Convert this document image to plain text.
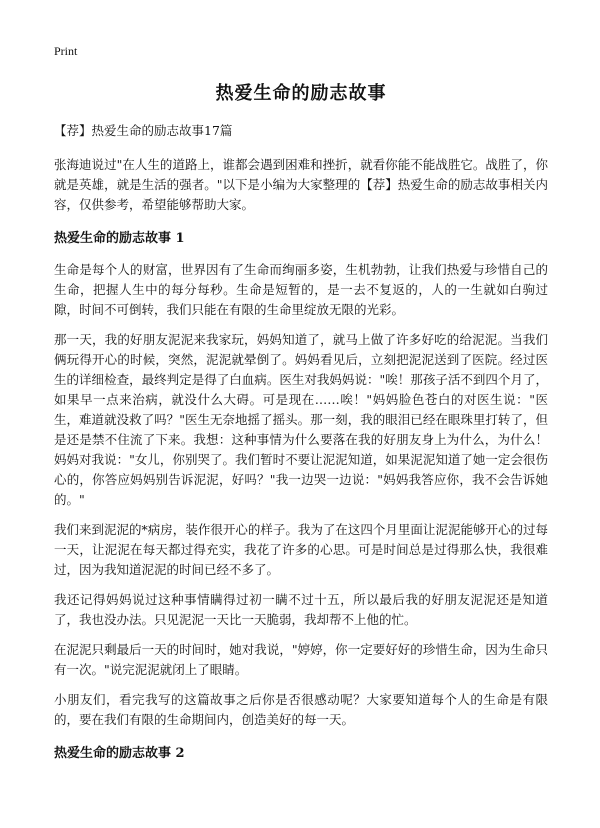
Print
热爱生命的励志故事
【荐】热爱生命的励志故事17篇

张海迪说过"在人生的道路上，谁都会遇到困难和挫折，就看你能不能战胜它。战胜了，你就是英雄，就是生活的强者。"以下是小编为大家整理的【荐】热爱生命的励志故事相关内容，仅供参考，希望能够帮助大家。

热爱生命的励志故事 1

生命是每个人的财富，世界因有了生命而绚丽多姿，生机勃勃，让我们热爱与珍惜自己的生命，把握人生中的每分每秒。生命是短暂的，是一去不复返的，人的一生就如白驹过隙，时间不可倒转，我们只能在有限的生命里绽放无限的光彩。

那一天，我的好朋友泥泥来我家玩，妈妈知道了，就马上做了许多好吃的给泥泥。当我们俩玩得开心的时候，突然，泥泥就晕倒了。妈妈看见后，立刻把泥泥送到了医院。经过医生的详细检查，最终判定是得了白血病。医生对我妈妈说："唉！那孩子活不到四个月了，如果早一点来治病，就没什么大碍。可是现在……唉！"妈妈脸色苍白的对医生说："医生，难道就没救了吗？"医生无奈地摇了摇头。那一刻，我的眼泪已经在眼珠里打转了，但是还是禁不住流了下来。我想：这种事情为什么要落在我的好朋友身上为什么，为什么！妈妈对我说："女儿，你别哭了。我们暂时不要让泥泥知道，如果泥泥知道了她一定会很伤心的，你答应妈妈别告诉泥泥，好吗？"我一边哭一边说："妈妈我答应你，我不会告诉她的。"

我们来到泥泥的*病房，装作很开心的样子。我为了在这四个月里面让泥泥能够开心的过每一天，让泥泥在每天都过得充实，我花了许多的心思。可是时间总是过得那么快，我很难过，因为我知道泥泥的时间已经不多了。

我还记得妈妈说过这种事情瞒得过初一瞒不过十五，所以最后我的好朋友泥泥还是知道了，我也没办法。只见泥泥一天比一天脆弱，我却帮不上他的忙。

在泥泥只剩最后一天的时间时，她对我说，"婷婷，你一定要好好的珍惜生命，因为生命只有一次。"说完泥泥就闭上了眼睛。

小朋友们，看完我写的这篇故事之后你是否很感动呢？大家要知道每个人的生命是有限的，要在我们有限的生命期间内，创造美好的每一天。

热爱生命的励志故事 2
